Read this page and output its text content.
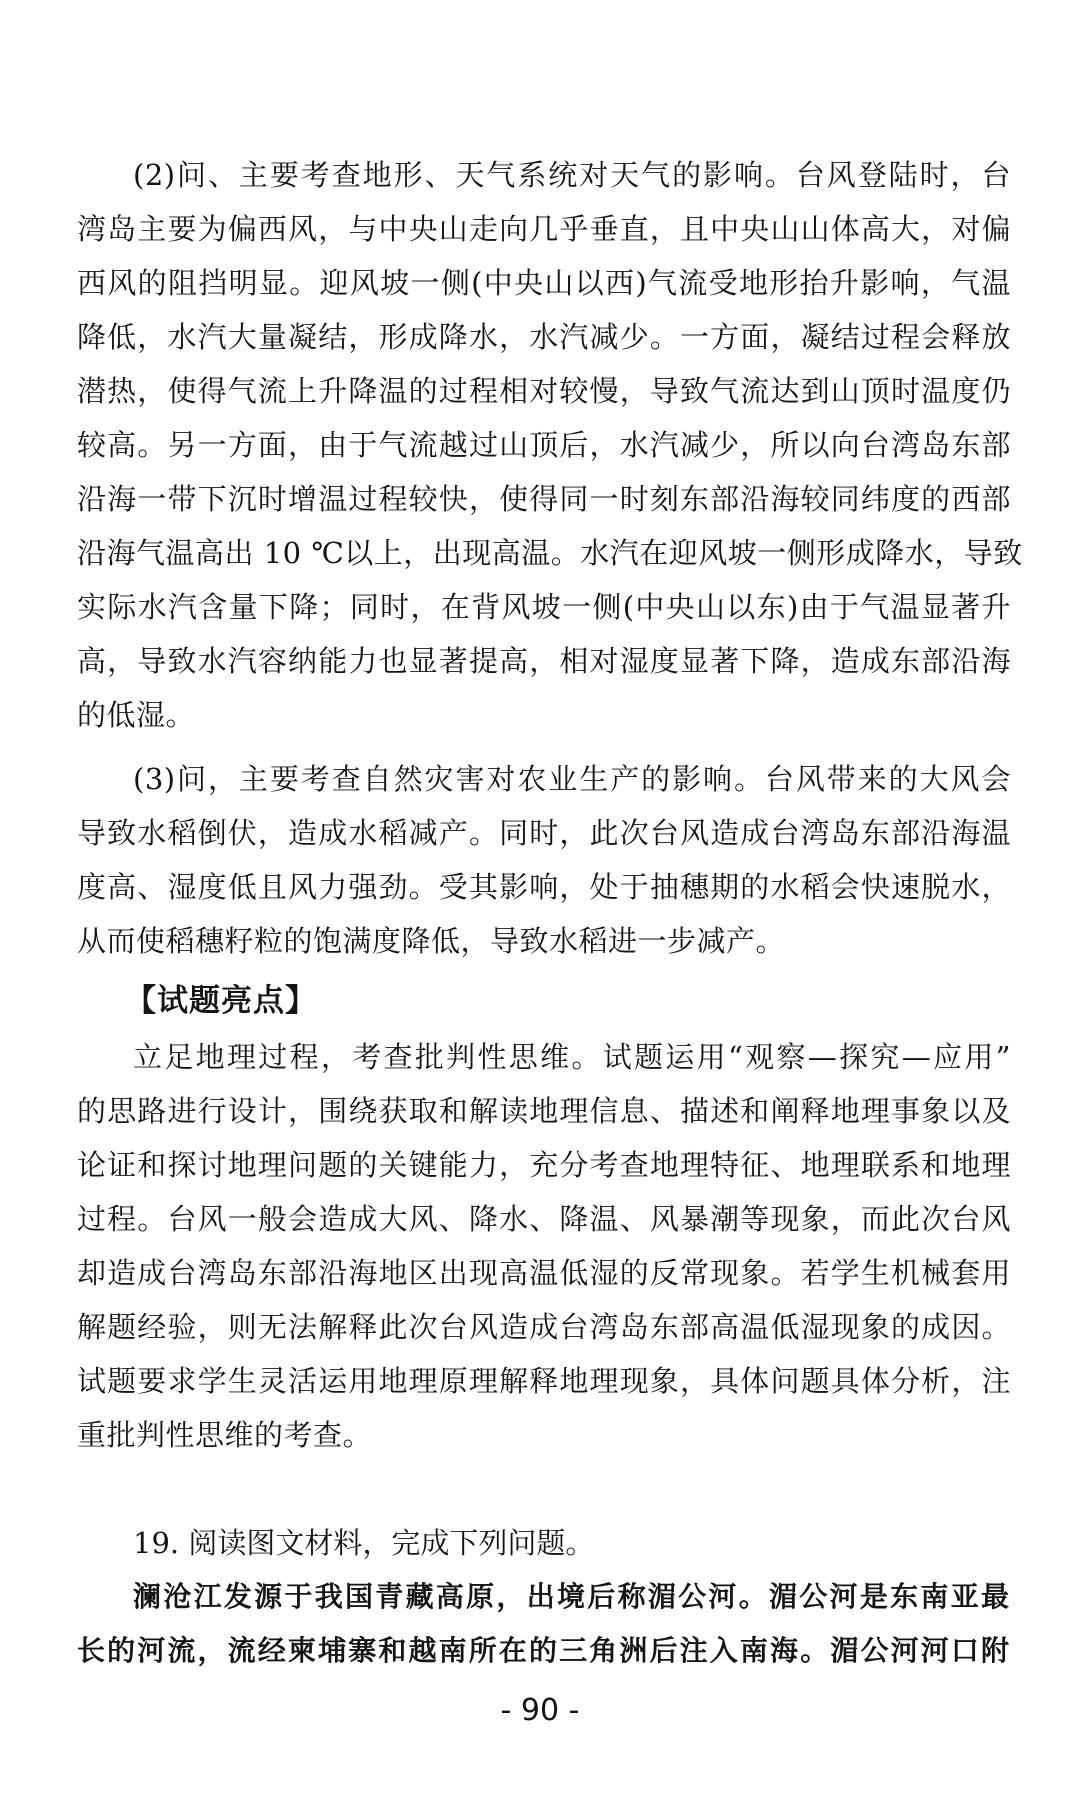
(2)问、主要考查地形、天气系统对天气的影响。台风登陆时，台
湾岛主要为偏西风，与中央山走向几乎垂直，且中央山山体高大，对偏
西风的阻挡明显。迎风坡一侧(中央山以西)气流受地形抬升影响，气温
降低，水汽大量凝结，形成降水，水汽减少。一方面，凝结过程会释放
潜热，使得气流上升降温的过程相对较慢，导致气流达到山顶时温度仍
较高。另一方面，由于气流越过山顶后，水汽减少，所以向台湾岛东部
沿海一带下沉时增温过程较快，使得同一时刻东部沿海较同纬度的西部
沿海气温高出 10 ℃以上，出现高温。水汽在迎风坡一侧形成降水，导致
实际水汽含量下降；同时，在背风坡一侧(中央山以东)由于气温显著升
高，导致水汽容纳能力也显著提高，相对湿度显著下降，造成东部沿海
的低湿。
(3)问，主要考查自然灾害对农业生产的影响。台风带来的大风会
导致水稻倒伏，造成水稻减产。同时，此次台风造成台湾岛东部沿海温
度高、湿度低且风力强劲。受其影响，处于抽穗期的水稻会快速脱水，
从而使稻穗籽粒的饱满度降低，导致水稻进一步减产。
【试题亮点】
立足地理过程，考查批判性思维。试题运用“观察—探究—应用”
的思路进行设计，围绕获取和解读地理信息、描述和阐释地理事象以及
论证和探讨地理问题的关键能力，充分考查地理特征、地理联系和地理
过程。台风一般会造成大风、降水、降温、风暴潮等现象，而此次台风
却造成台湾岛东部沿海地区出现高温低湿的反常现象。若学生机械套用
解题经验，则无法解释此次台风造成台湾岛东部高温低湿现象的成因。
试题要求学生灵活运用地理原理解释地理现象，具体问题具体分析，注
重批判性思维的考查。
19. 阅读图文材料，完成下列问题。
澜沧江发源于我国青藏高原，出境后称湄公河。湄公河是东南亚最
长的河流，流经柬埔寨和越南所在的三角洲后注入南海。湄公河河口附
- 90 -
